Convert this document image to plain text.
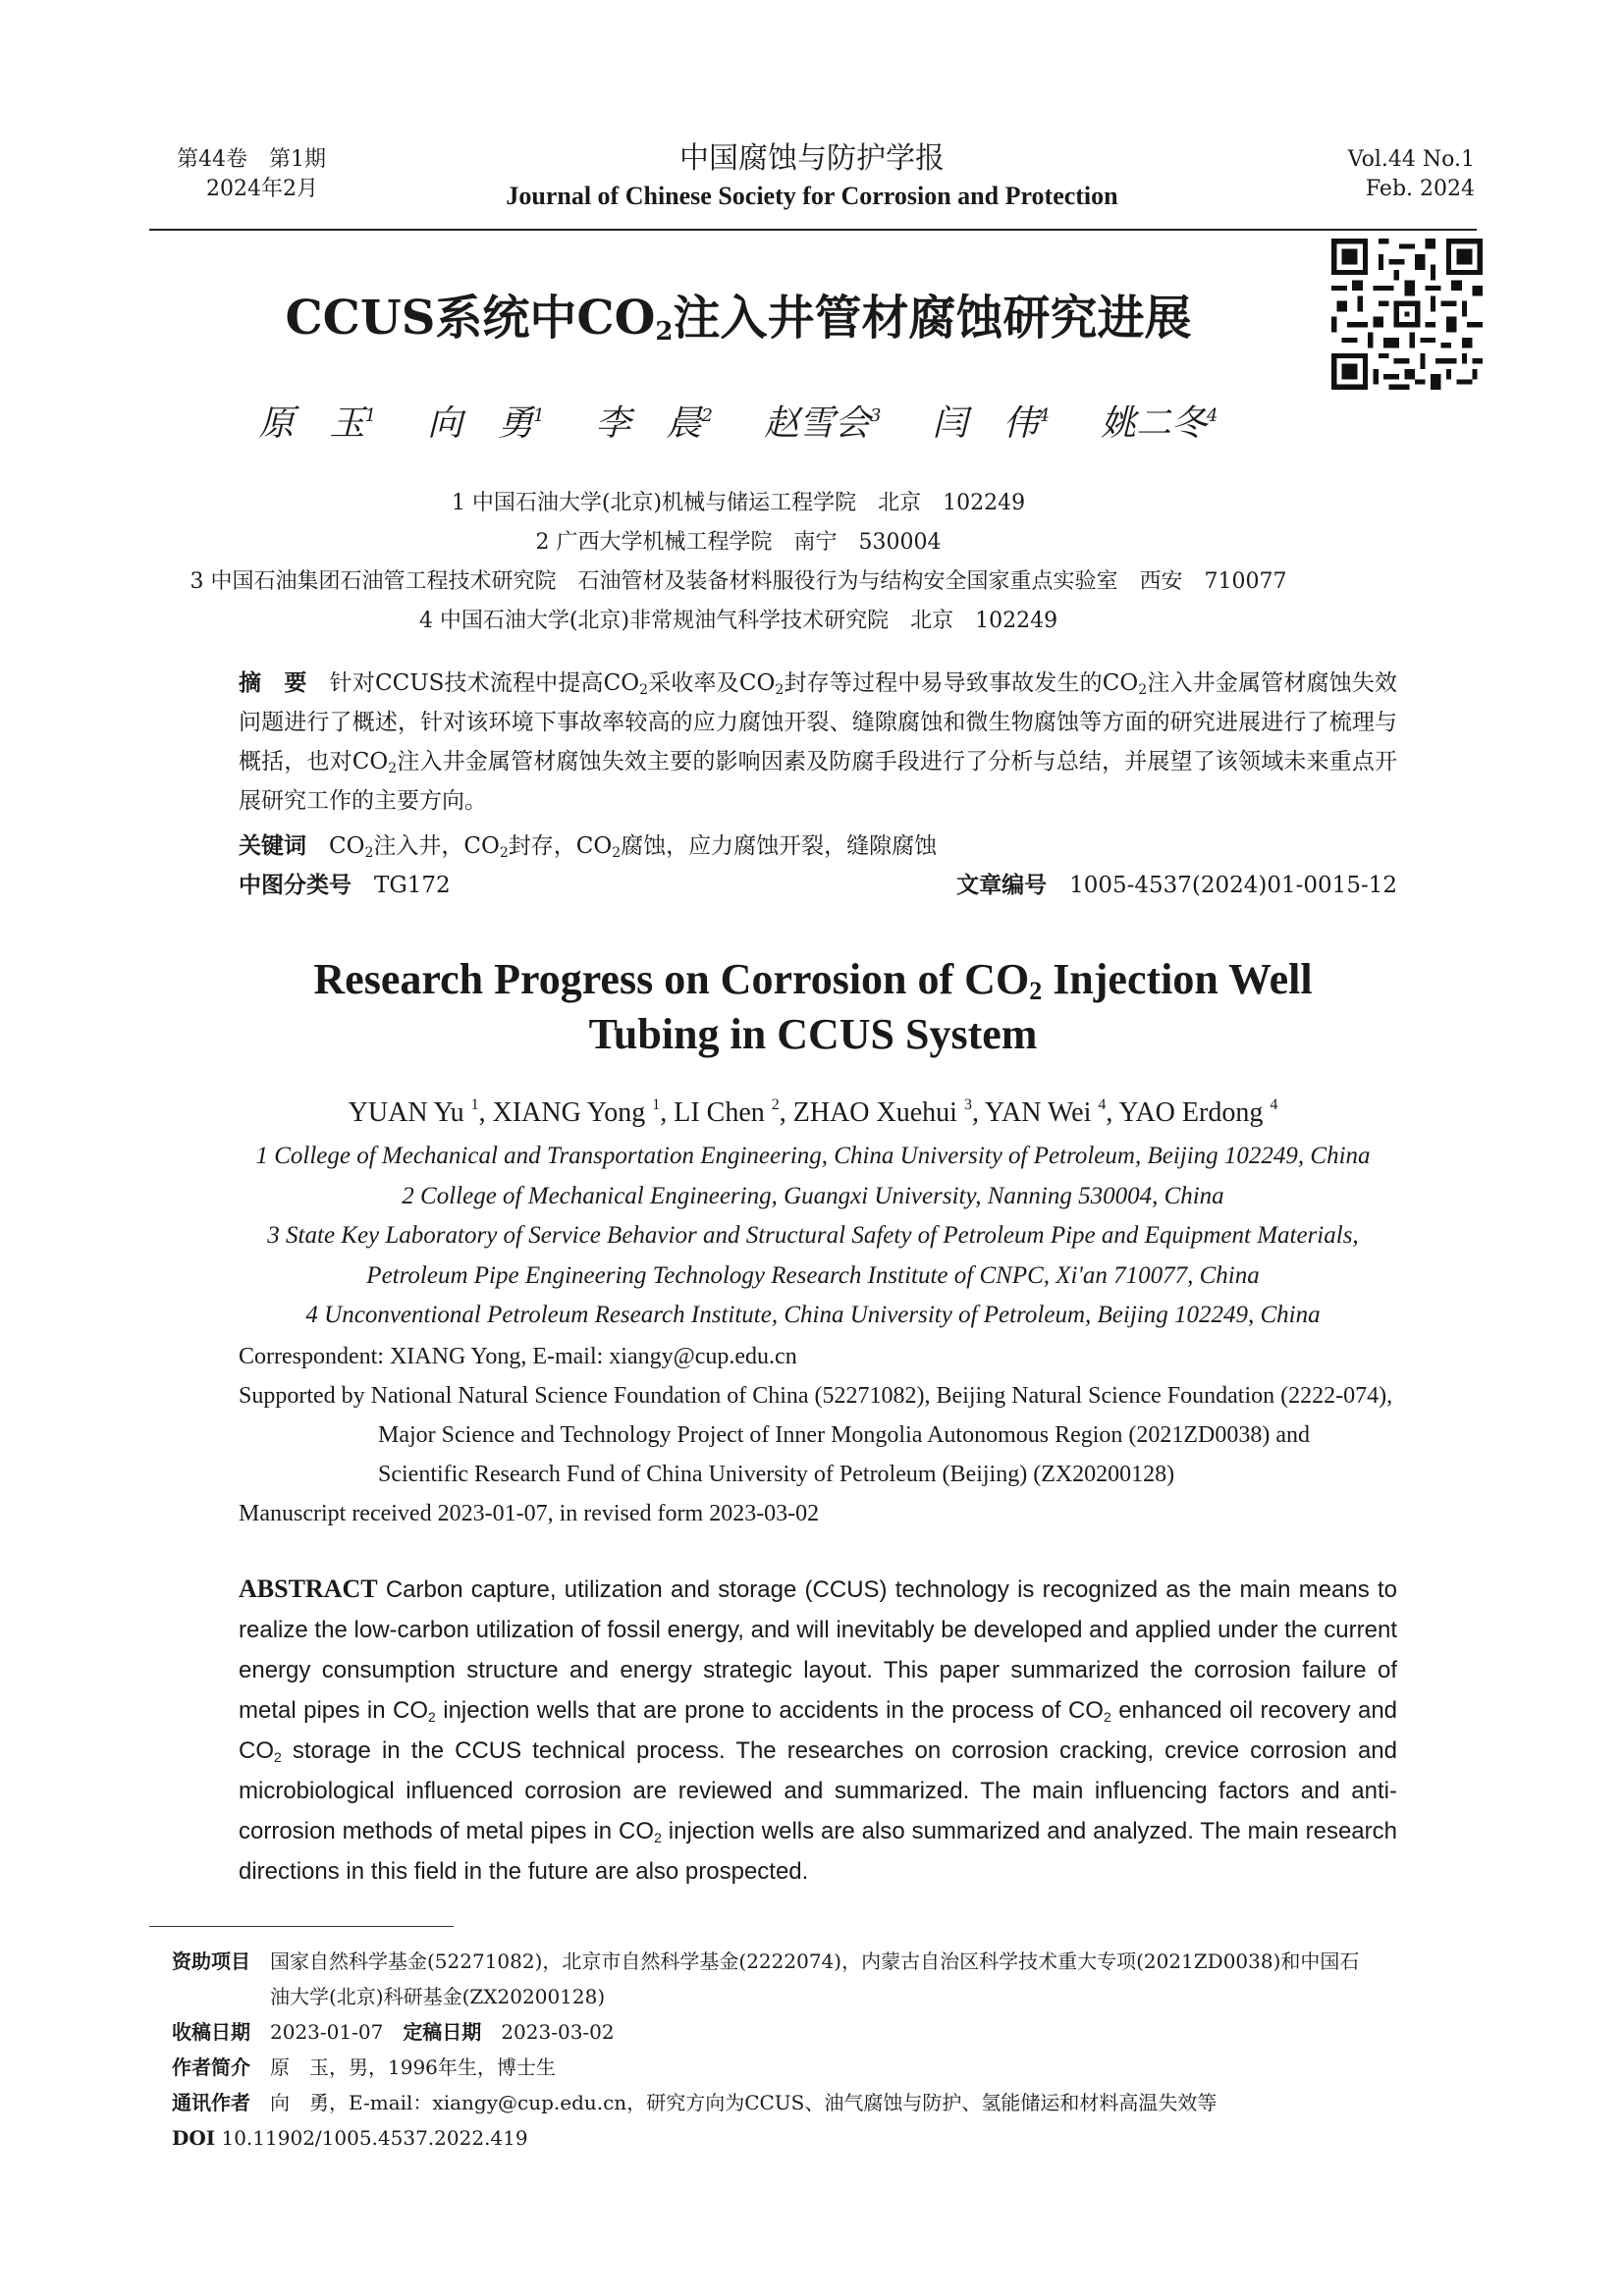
第44卷　第1期
2024年2月
中国腐蚀与防护学报
Journal of Chinese Society for Corrosion and Protection
Vol.44 No.1
Feb. 2024
CCUS系统中$CO_2$注入井管材腐蚀研究进展
原　玉$^1$ 向　勇$^1$ 李　晨$^2$ 赵雪会$^3$ 闫　伟$^4$ 姚二冬$^4$
1 中国石油大学(北京)机械与储运工程学院　北京　102249
2 广西大学机械工程学院　南宁　530004
3 中国石油集团石油管工程技术研究院　石油管材及装备材料服役行为与结构安全国家重点实验室　西安　710077
4 中国石油大学(北京)非常规油气科学技术研究院　北京　102249
摘　要　 针对CCUS技术流程中提高$CO_2$采收率及$CO_2$封存等过程中易导致事故发生的$CO_2$注入井金属管材腐蚀失效问题进行了概述，针对该环境下事故率较高的应力腐蚀开裂、缝隙腐蚀和微生物腐蚀等方面的研究进展进行了梳理与概括，也对$CO_2$注入井金属管材腐蚀失效主要的影响因素及防腐手段进行了分析与总结，并展望了该领域未来重点开展研究工作的主要方向。
关键词　 $CO_2$注入井，$CO_2$封存，$CO_2$腐蚀，应力腐蚀开裂，缝隙腐蚀
中图分类号　 TG172	文章编号　 1005-4537(2024)01-0015-12
Research Progress on Corrosion of $CO_2$ Injection Well
Tubing in CCUS System
YUAN Yu $^1$, XIANG Yong $^1$, LI Chen $^2$, ZHAO Xuehui $^3$, YAN Wei $^4$, YAO Erdong $^4$
1 College of Mechanical and Transportation Engineering, China University of Petroleum, Beijing 102249, China
2 College of Mechanical Engineering, Guangxi University, Nanning 530004, China
3 State Key Laboratory of Service Behavior and Structural Safety of Petroleum Pipe and Equipment Materials,
Petroleum Pipe Engineering Technology Research Institute of CNPC, Xi'an 710077, China
4 Unconventional Petroleum Research Institute, China University of Petroleum, Beijing 102249, China
Correspondent: XIANG Yong, E-mail: xiangy@cup.edu.cn
Supported by National Natural Science Foundation of China (52271082), Beijing Natural Science Foundation (2222-074), Major Science and Technology Project of Inner Mongolia Autonomous Region (2021ZD0038) and Scientific Research Fund of China University of Petroleum (Beijing) (ZX20200128)
Manuscript received 2023-01-07, in revised form 2023-03-02
ABSTRACT Carbon capture, utilization and storage (CCUS) technology is recognized as the main means to realize the low-carbon utilization of fossil energy, and will inevitably be developed and applied under the current energy consumption structure and energy strategic layout. This paper summarized the corrosion failure of metal pipes in $CO_2$ injection wells that are prone to accidents in the process of $CO_2$ enhanced oil recovery and $CO_2$ storage in the CCUS technical process. The researches on corrosion cracking, crevice corrosion and microbiological influenced corrosion are reviewed and summarized. The main influencing factors and anti-corrosion methods of metal pipes in $CO_2$ injection wells are also summarized and analyzed. The main research directions in this field in the future are also prospected.
资助项目　 国家自然科学基金(52271082)，北京市自然科学基金(2222074)，内蒙古自治区科学技术重大专项(2021ZD0038)和中国石
油大学(北京)科研基金(ZX20200128)
收稿日期　 2023-01-07　 定稿日期　 2023-03-02
作者简介　 原　玉，男，1996年生，博士生
通讯作者　 向　勇，E-mail：xiangy@cup.edu.cn，研究方向为CCUS、油气腐蚀与防护、氢能储运和材料高温失效等
DOI 10.11902/1005.4537.2022.419
